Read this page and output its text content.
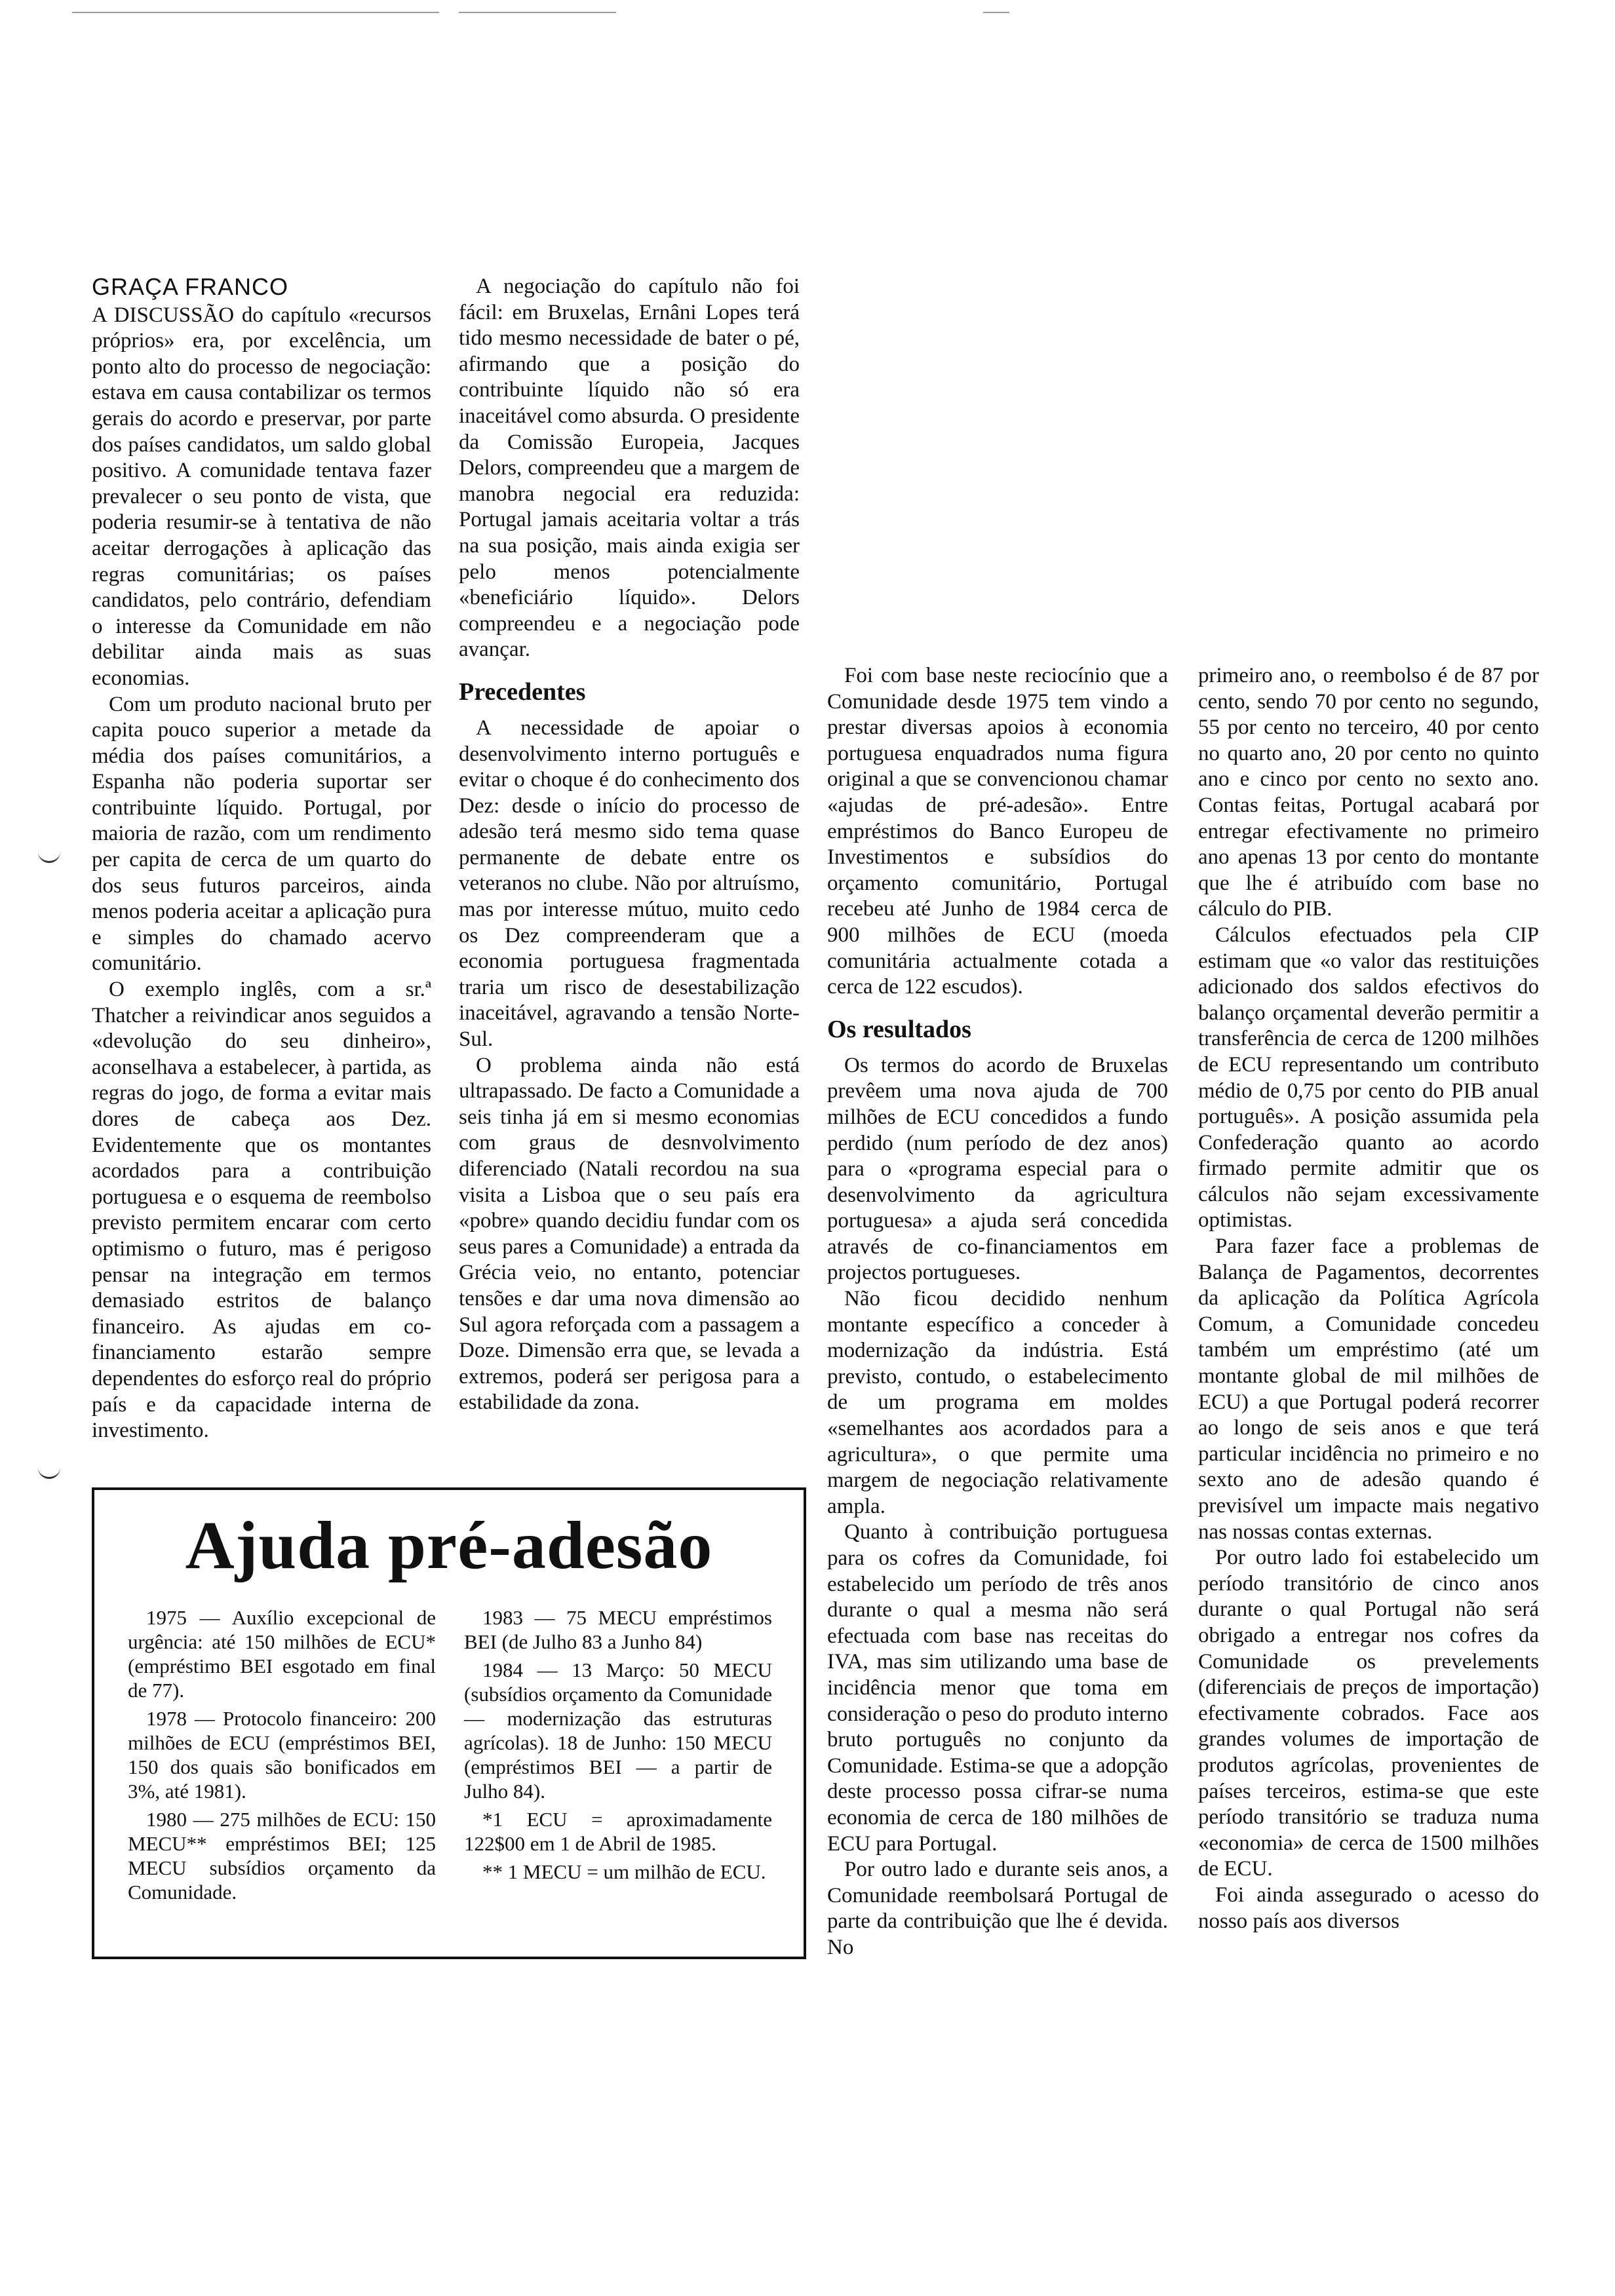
GRAÇA FRANCO

A DISCUSSÃO do capítulo «recursos próprios» era, por excelência, um ponto alto do processo de negociação: estava em causa contabilizar os termos gerais do acordo e preservar, por parte dos países candidatos, um saldo global positivo. A comunidade tentava fazer prevalecer o seu ponto de vista, que poderia resumir-se à tentativa de não aceitar derrogações à aplicação das regras comunitárias; os países candidatos, pelo contrário, defendiam o interesse da Comunidade em não debilitar ainda mais as suas economias.

Com um produto nacional bruto per capita pouco superior a metade da média dos países comunitários, a Espanha não poderia suportar ser contribuinte líquido. Portugal, por maioria de razão, com um rendimento per capita de cerca de um quarto do dos seus futuros parceiros, ainda menos poderia aceitar a aplicação pura e simples do chamado acervo comunitário.

O exemplo inglês, com a sr.ª Thatcher a reivindicar anos seguidos a «devolução do seu dinheiro», aconselhava a estabelecer, à partida, as regras do jogo, de forma a evitar mais dores de cabeça aos Dez. Evidentemente que os montantes acordados para a contribuição portuguesa e o esquema de reembolso previsto permitem encarar com certo optimismo o futuro, mas é perigoso pensar na integração em termos demasiado estritos de balanço financeiro. As ajudas em co-financiamento estarão sempre dependentes do esforço real do próprio país e da capacidade interna de investimento.

A negociação do capítulo não foi fácil: em Bruxelas, Ernâni Lopes terá tido mesmo necessidade de bater o pé, afirmando que a posição do contribuinte líquido não só era inaceitável como absurda. O presidente da Comissão Europeia, Jacques Delors, compreendeu que a margem de manobra negocial era reduzida: Portugal jamais aceitaria voltar a trás na sua posição, mais ainda exigia ser pelo menos potencialmente «beneficiário líquido». Delors compreendeu e a negociação pode avançar.

Precedentes

A necessidade de apoiar o desenvolvimento interno português e evitar o choque é do conhecimento dos Dez: desde o início do processo de adesão terá mesmo sido tema quase permanente de debate entre os veteranos no clube. Não por altruísmo, mas por interesse mútuo, muito cedo os Dez compreenderam que a economia portuguesa fragmentada traria um risco de desestabilização inaceitável, agravando a tensão Norte-Sul.

O problema ainda não está ultrapassado. De facto a Comunidade a seis tinha já em si mesmo economias com graus de desnvolvimento diferenciado (Natali recordou na sua visita a Lisboa que o seu país era «pobre» quando decidiu fundar com os seus pares a Comunidade) a entrada da Grécia veio, no entanto, potenciar tensões e dar uma nova dimensão ao Sul agora reforçada com a passagem a Doze. Dimensão erra que, se levada a extremos, poderá ser perigosa para a estabilidade da zona.

Foi com base neste reciocínio que a Comunidade desde 1975 tem vindo a prestar diversas apoios à economia portuguesa enquadrados numa figura original a que se convencionou chamar «ajudas de pré-adesão». Entre empréstimos do Banco Europeu de Investimentos e subsídios do orçamento comunitário, Portugal recebeu até Junho de 1984 cerca de 900 milhões de ECU (moeda comunitária actualmente cotada a cerca de 122 escudos).

Os resultados

Os termos do acordo de Bruxelas prevêem uma nova ajuda de 700 milhões de ECU concedidos a fundo perdido (num período de dez anos) para o «programa especial para o desenvolvimento da agricultura portuguesa» a ajuda será concedida através de co-financiamentos em projectos portugueses.

Não ficou decidido nenhum montante específico a conceder à modernização da indústria. Está previsto, contudo, o estabelecimento de um programa em moldes «semelhantes aos acordados para a agricultura», o que permite uma margem de negociação relativamente ampla.

Quanto à contribuição portuguesa para os cofres da Comunidade, foi estabelecido um período de três anos durante o qual a mesma não será efectuada com base nas receitas do IVA, mas sim utilizando uma base de incidência menor que toma em consideração o peso do produto interno bruto português no conjunto da Comunidade. Estima-se que a adopção deste processo possa cifrar-se numa economia de cerca de 180 milhões de ECU para Portugal.

Por outro lado e durante seis anos, a Comunidade reembolsará Portugal de parte da contribuição que lhe é devida. No

primeiro ano, o reembolso é de 87 por cento, sendo 70 por cento no segundo, 55 por cento no terceiro, 40 por cento no quarto ano, 20 por cento no quinto ano e cinco por cento no sexto ano. Contas feitas, Portugal acabará por entregar efectivamente no primeiro ano apenas 13 por cento do montante que lhe é atribuído com base no cálculo do PIB.

Cálculos efectuados pela CIP estimam que «o valor das restituições adicionado dos saldos efectivos do balanço orçamental deverão permitir a transferência de cerca de 1200 milhões de ECU representando um contributo médio de 0,75 por cento do PIB anual português». A posição assumida pela Confederação quanto ao acordo firmado permite admitir que os cálculos não sejam excessivamente optimistas.

Para fazer face a problemas de Balança de Pagamentos, decorrentes da aplicação da Política Agrícola Comum, a Comunidade concedeu também um empréstimo (até um montante global de mil milhões de ECU) a que Portugal poderá recorrer ao longo de seis anos e que terá particular incidência no primeiro e no sexto ano de adesão quando é previsível um impacte mais negativo nas nossas contas externas.

Por outro lado foi estabelecido um período transitório de cinco anos durante o qual Portugal não será obrigado a entregar nos cofres da Comunidade os prevelements (diferenciais de preços de importação) efectivamente cobrados. Face aos grandes volumes de importação de produtos agrícolas, provenientes de países terceiros, estima-se que este período transitório se traduza numa «economia» de cerca de 1500 milhões de ECU.

Foi ainda assegurado o acesso do nosso país aos diversos

Ajuda pré-adesão

1975 — Auxílio excepcional de urgência: até 150 milhões de ECU* (empréstimo BEI esgotado em final de 77).

1978 — Protocolo financeiro: 200 milhões de ECU (empréstimos BEI, 150 dos quais são bonificados em 3%, até 1981).

1980 — 275 milhões de ECU: 150 MECU** empréstimos BEI; 125 MECU subsídios orçamento da Comunidade.

1983 — 75 MECU empréstimos BEI (de Julho 83 a Junho 84)

1984 — 13 Março: 50 MECU (subsídios orçamento da Comunidade — modernização das estruturas agrícolas). 18 de Junho: 150 MECU (empréstimos BEI — a partir de Julho 84).

*1 ECU = aproximadamente 122$00 em 1 de Abril de 1985.

** 1 MECU = um milhão de ECU.
